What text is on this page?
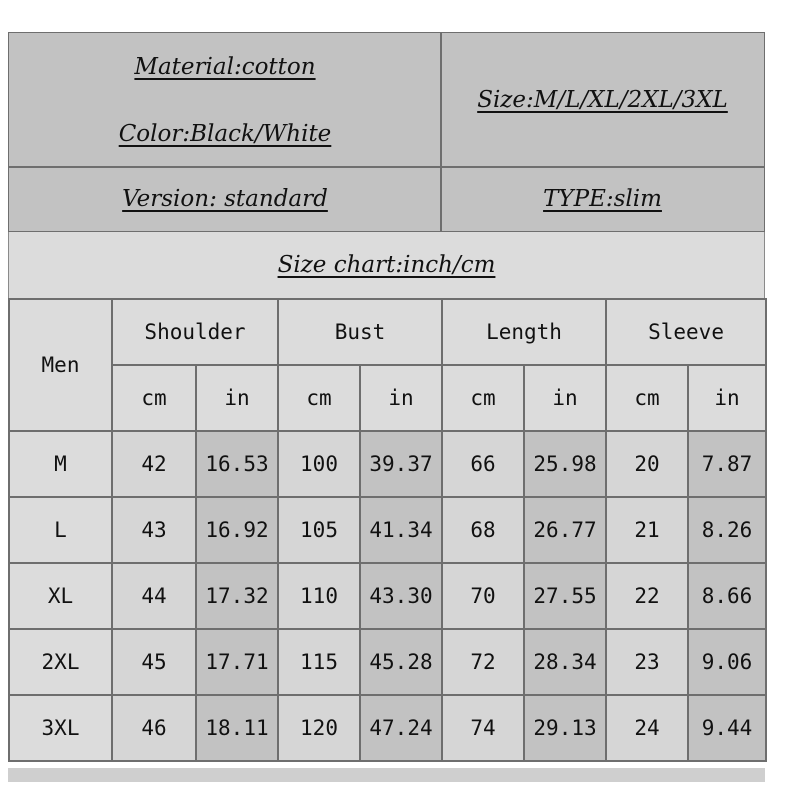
Material:cotton
Color:Black/White
Size:M/L/XL/2XL/3XL
Version: standard	TYPE:slim
Size chart:inch/cm
Men	Shoulder		Bust		Length		Sleeve	
	cm	in	cm	in	cm	in	cm	in
M	42	16.53	100	39.37	66	25.98	20	7.87
L	43	16.92	105	41.34	68	26.77	21	8.26
XL	44	17.32	110	43.30	70	27.55	22	8.66
2XL	45	17.71	115	45.28	72	28.34	23	9.06
3XL	46	18.11	120	47.24	74	29.13	24	9.44
